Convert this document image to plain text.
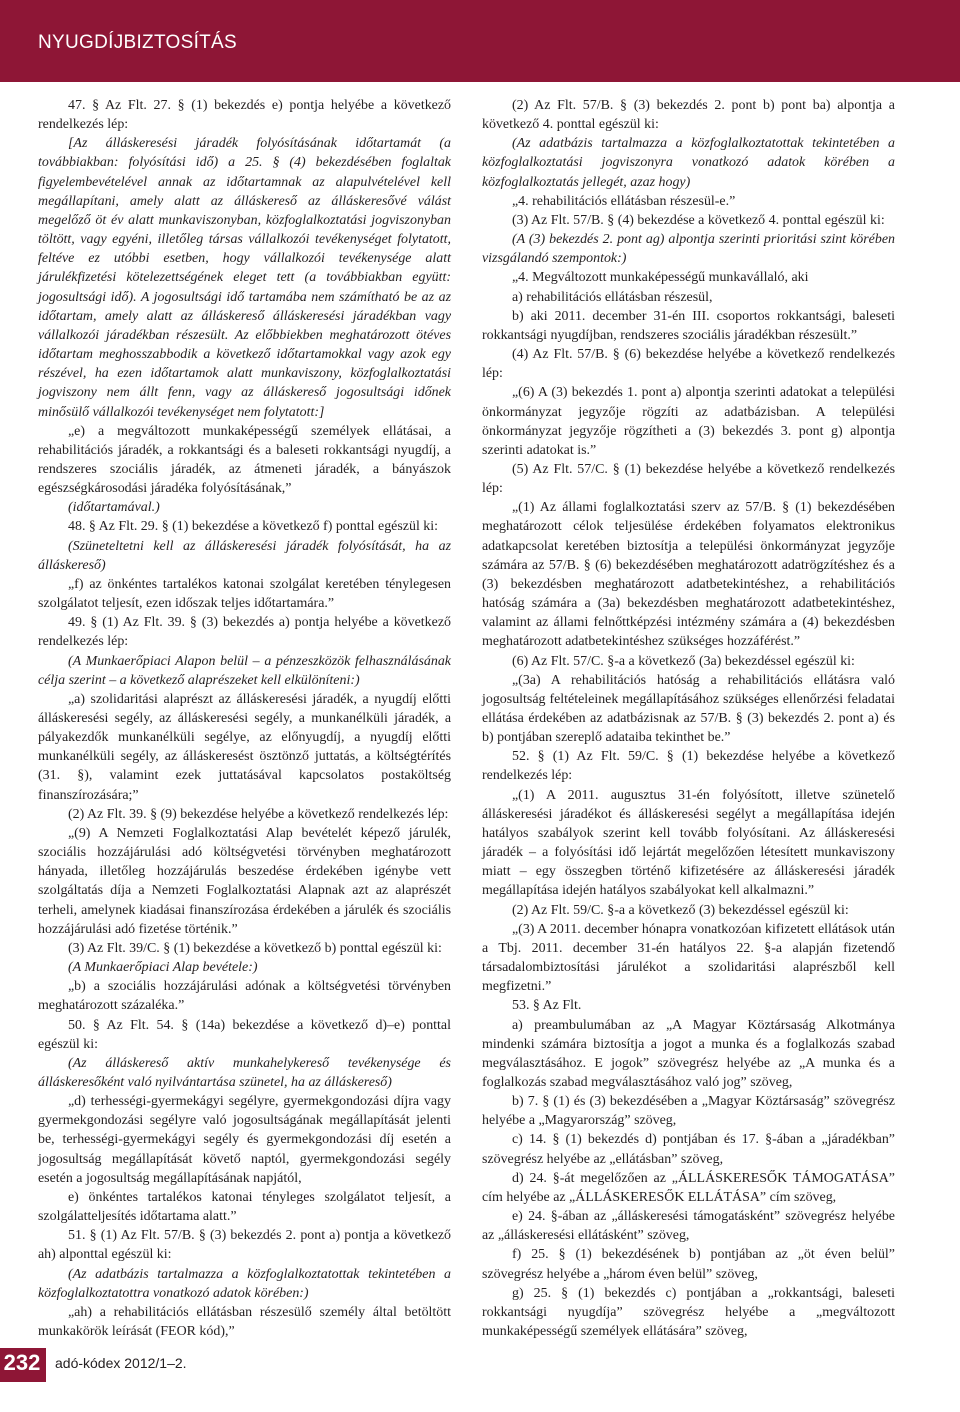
NYUGDÍJBIZTOSÍTÁS

47. § Az Flt. 27. § (1) bekezdés e) pontja helyébe a következő rendelkezés lép:

[Az álláskeresési járadék folyósításának időtartamát (a továbbiakban: folyósítási idő) a 25. § (4) bekezdésében foglaltak figyelembevételével annak az időtartamnak az alapulvételével kell megállapítani, amely alatt az álláskereső az álláskeresővé válást megelőző öt év alatt munkaviszonyban, közfoglalkoztatási jogviszonyban töltött, vagy egyéni, illetőleg társas vállalkozói tevékenységet folytatott, feltéve ez utóbbi esetben, hogy vállalkozói tevékenysége alatt járulékfizetési kötelezettségének eleget tett (a továbbiakban együtt: jogosultsági idő). A jogosultsági idő tartamába nem számítható be az az időtartam, amely alatt az álláskereső álláskeresési járadékban vagy vállalkozói járadékban részesült. Az előbbiekben meghatározott ötéves időtartam meghosszabbodik a következő időtartamokkal vagy azok egy részével, ha ezen időtartamok alatt munkaviszony, közfoglalkoztatási jogviszony nem állt fenn, vagy az álláskereső jogosultsági időnek minősülő vállalkozói tevékenységet nem folytatott:]

„e) a megváltozott munkaképességű személyek ellátásai, a rehabilitációs járadék, a rokkantsági és a baleseti rokkantsági nyugdíj, a rendszeres szociális járadék, az átmeneti járadék, a bányászok egészségkárosodási járadéka folyósításának,”

(időtartamával.)

48. § Az Flt. 29. § (1) bekezdése a következő f) ponttal egészül ki:

(Szüneteltetni kell az álláskeresési járadék folyósítását, ha az álláskereső)

„f) az önkéntes tartalékos katonai szolgálat keretében ténylegesen szolgálatot teljesít, ezen időszak teljes időtartamára.”

49. § (1) Az Flt. 39. § (3) bekezdés a) pontja helyébe a következő rendelkezés lép:

(A Munkaerőpiaci Alapon belül – a pénzeszközök felhasználásának célja szerint – a következő alaprészeket kell elkülöníteni:)

„a) szolidaritási alaprészt az álláskeresési járadék, a nyugdíj előtti álláskeresési segély, az álláskeresési segély, a munkanélküli járadék, a pályakezdők munkanélküli segélye, az előnyugdíj, a nyugdíj előtti munkanélküli segély, az álláskeresést ösztönző juttatás, a költségtérítés (31. §), valamint ezek juttatásával kapcsolatos postaköltség finanszírozására;”

(2) Az Flt. 39. § (9) bekezdése helyébe a következő rendelkezés lép:

„(9) A Nemzeti Foglalkoztatási Alap bevételét képező járulék, szociális hozzájárulási adó költségvetési törvényben meghatározott hányada, illetőleg hozzájárulás beszedése érdekében igénybe vett szolgáltatás díja a Nemzeti Foglalkoztatási Alapnak azt az alaprészét terheli, amelynek kiadásai finanszírozása érdekében a járulék és szociális hozzájárulási adó fizetése történik.”

(3) Az Flt. 39/C. § (1) bekezdése a következő b) ponttal egészül ki:

(A Munkaerőpiaci Alap bevétele:)

„b) a szociális hozzájárulási adónak a költségvetési törvényben meghatározott százaléka.”

50. § Az Flt. 54. § (14a) bekezdése a következő d)–e) ponttal egészül ki:

(Az álláskereső aktív munkahelykereső tevékenysége és álláskeresőként való nyilvántartása szünetel, ha az álláskereső)

„d) terhességi-gyermekágyi segélyre, gyermekgondozási díjra vagy gyermekgondozási segélyre való jogosultságának megállapítását jelenti be, terhességi-gyermekágyi segély és gyermekgondozási díj esetén a jogosultság megállapítását követő naptól, gyermekgondozási segély esetén a jogosultság megállapításának napjától,

e) önkéntes tartalékos katonai tényleges szolgálatot teljesít, a szolgálatteljesítés időtartama alatt.”

51. § (1) Az Flt. 57/B. § (3) bekezdés 2. pont a) pontja a következő ah) alponttal egészül ki:

(Az adatbázis tartalmazza a közfoglalkoztatottak tekintetében a közfoglalkoztatottra vonatkozó adatok körében:)

„ah) a rehabilitációs ellátásban részesülő személy által betöltött munkakörök leírását (FEOR kód),”

(2) Az Flt. 57/B. § (3) bekezdés 2. pont b) pont ba) alpontja a következő 4. ponttal egészül ki:

(Az adatbázis tartalmazza a közfoglalkoztatottak tekintetében a közfoglalkoztatási jogviszonyra vonatkozó adatok körében a közfoglalkoztatás jellegét, azaz hogy)

„4. rehabilitációs ellátásban részesül-e.”

(3) Az Flt. 57/B. § (4) bekezdése a következő 4. ponttal egészül ki:

(A (3) bekezdés 2. pont ag) alpontja szerinti prioritási szint körében vizsgálandó szempontok:)

„4. Megváltozott munkaképességű munkavállaló, aki

a) rehabilitációs ellátásban részesül,

b) aki 2011. december 31-én III. csoportos rokkantsági, baleseti rokkantsági nyugdíjban, rendszeres szociális járadékban részesült.”

(4) Az Flt. 57/B. § (6) bekezdése helyébe a következő rendelkezés lép:

„(6) A (3) bekezdés 1. pont a) alpontja szerinti adatokat a települési önkormányzat jegyzője rögzíti az adatbázisban. A települési önkormányzat jegyzője rögzítheti a (3) bekezdés 3. pont g) alpontja szerinti adatokat is.”

(5) Az Flt. 57/C. § (1) bekezdése helyébe a következő rendelkezés lép:

„(1) Az állami foglalkoztatási szerv az 57/B. § (1) bekezdésében meghatározott célok teljesülése érdekében folyamatos elektronikus adatkapcsolat keretében biztosítja a települési önkormányzat jegyzője számára az 57/B. § (6) bekezdésében meghatározott adatrögzítéshez és a (3) bekezdésben meghatározott adatbetekintéshez, a rehabilitációs hatóság számára a (3a) bekezdésben meghatározott adatbetekintéshez, valamint az állami felnőttképzési intézmény számára a (4) bekezdésben meghatározott adatbetekintéshez szükséges hozzáférést.”

(6) Az Flt. 57/C. §-a a következő (3a) bekezdéssel egészül ki:

„(3a) A rehabilitációs hatóság a rehabilitációs ellátásra való jogosultság feltételeinek megállapításához szükséges ellenőrzési feladatai ellátása érdekében az adatbázisnak az 57/B. § (3) bekezdés 2. pont a) és b) pontjában szereplő adataiba tekinthet be.”

52. § (1) Az Flt. 59/C. § (1) bekezdése helyébe a következő rendelkezés lép:

„(1) A 2011. augusztus 31-én folyósított, illetve szünetelő álláskeresési járadékot és álláskeresési segélyt a megállapítása idején hatályos szabályok szerint kell tovább folyósítani. Az álláskeresési járadék – a folyósítási idő lejártát megelőzően létesített munkaviszony miatt – egy összegben történő kifizetésére az álláskeresési járadék megállapítása idején hatályos szabályokat kell alkalmazni.”

(2) Az Flt. 59/C. §-a a következő (3) bekezdéssel egészül ki:

„(3) A 2011. december hónapra vonatkozóan kifizetett ellátások után a Tbj. 2011. december 31-én hatályos 22. §-a alapján fizetendő társadalombiztosítási járulékot a szolidaritási alaprészből kell megfizetni.”

53. § Az Flt.

a) preambulumában az „A Magyar Köztársaság Alkotmánya mindenki számára biztosítja a jogot a munka és a foglalkozás szabad megválasztásához. E jogok” szövegrész helyébe az „A munka és a foglalkozás szabad megválasztásához való jog” szöveg,

b) 7. § (1) és (3) bekezdésében a „Magyar Köztársaság” szövegrész helyébe a „Magyarország” szöveg,

c) 14. § (1) bekezdés d) pontjában és 17. §-ában a „járadékban” szövegrész helyébe az „ellátásban” szöveg,

d) 24. §-át megelőzően az „ÁLLÁSKERESŐK TÁMOGATÁSA” cím helyébe az „ÁLLÁSKERESŐK ELLÁTÁSA” cím szöveg,

e) 24. §-ában az „álláskeresési támogatásként” szövegrész helyébe az „álláskeresési ellátásként” szöveg,

f) 25. § (1) bekezdésének b) pontjában az „öt éven belül” szövegrész helyébe a „három éven belül” szöveg,

g) 25. § (1) bekezdés c) pontjában a „rokkantsági, baleseti rokkantsági nyugdíja” szövegrész helyébe a „megváltozott munkaképességű személyek ellátására” szöveg,

232 adó-kódex 2012/1–2.
